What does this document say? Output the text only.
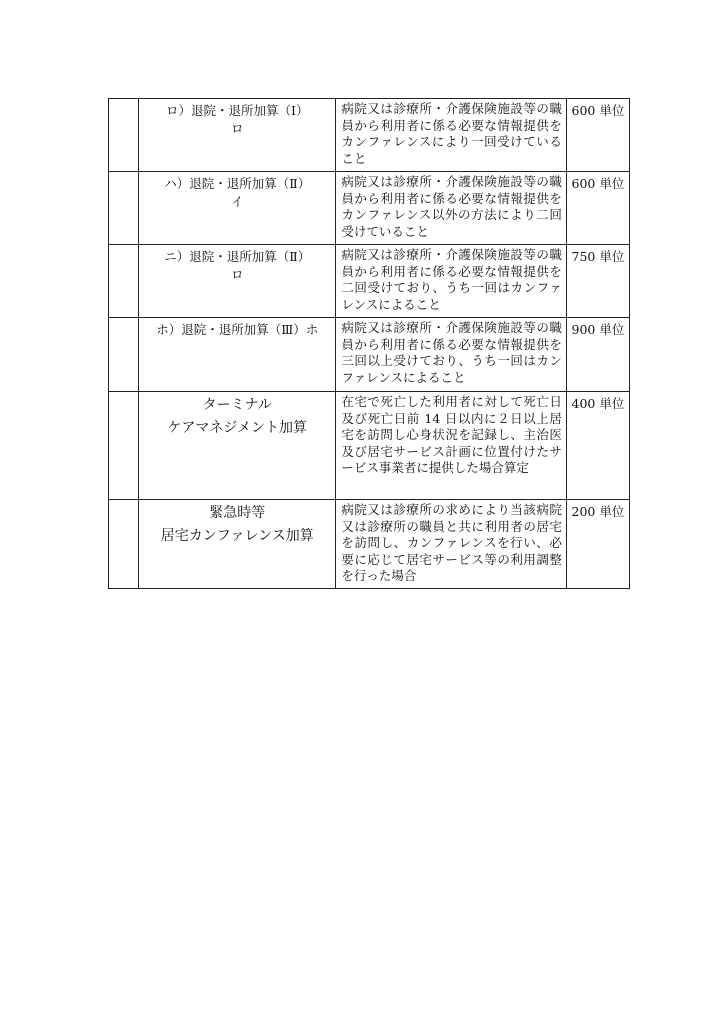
	ロ）退院・退所加算（Ⅰ）
ロ	病院又は診療所・介護保険施設等の職員から利用者に係る必要な情報提供をカンファレンスにより一回受けていること	600 単位

	ハ）退院・退所加算（Ⅱ）
イ	病院又は診療所・介護保険施設等の職員から利用者に係る必要な情報提供をカンファレンス以外の方法により二回受けていること	600 単位

	ニ）退院・退所加算（Ⅱ）
ロ	病院又は診療所・介護保険施設等の職員から利用者に係る必要な情報提供を二回受けており、うち一回はカンファレンスによること	750 単位

	ホ）退院・退所加算（Ⅲ）ホ	病院又は診療所・介護保険施設等の職員から利用者に係る必要な情報提供を三回以上受けており、うち一回はカンファレンスによること	900 単位

	ターミナル
ケアマネジメント加算	在宅で死亡した利用者に対して死亡日及び死亡日前 14 日以内に２日以上居宅を訪問し心身状況を記録し、主治医及び居宅サービス計画に位置付けたサービス事業者に提供した場合算定	400 単位

	緊急時等
居宅カンファレンス加算	病院又は診療所の求めにより当該病院又は診療所の職員と共に利用者の居宅を訪問し、カンファレンスを行い、必要に応じて居宅サービス等の利用調整を行った場合	200 単位
